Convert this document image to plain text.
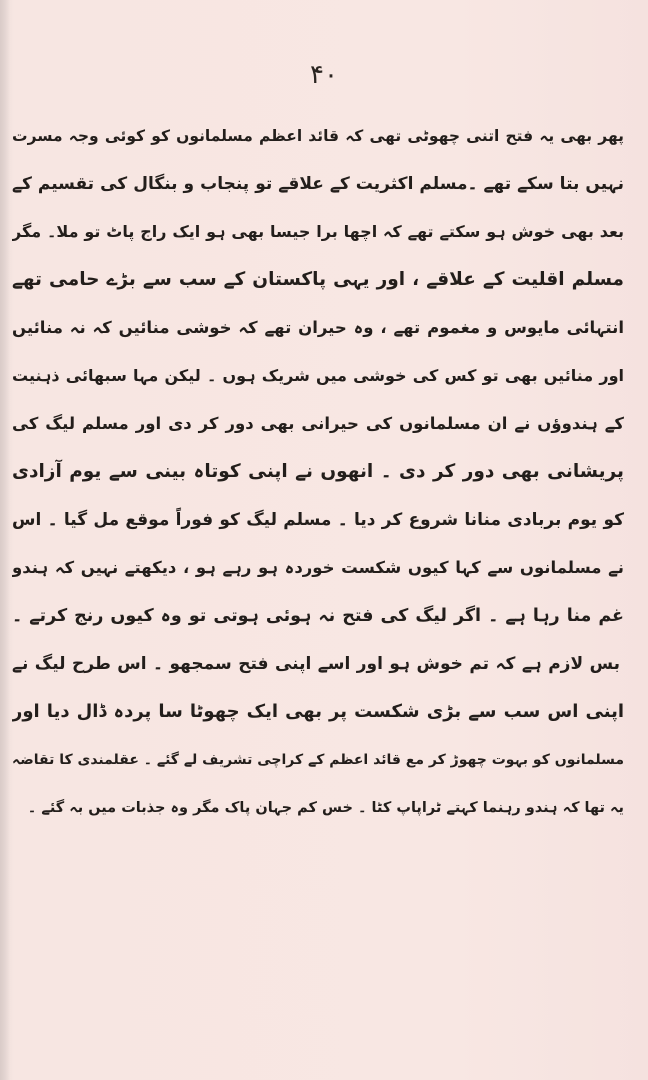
۴۰
پھر بھی یہ فتح اتنی چھوٹی تھی کہ قائد اعظم مسلمانوں کو کوئی وجہ مسرت
نہیں بتا سکے تھے ۔مسلم اکثریت کے علاقے تو پنجاب و بنگال کی تقسیم کے
بعد بھی خوش ہو سکتے تھے کہ اچھا برا جیسا بھی ہو ایک راج پاٹ تو ملا۔ مگر
مسلم اقلیت کے علاقے ، اور یہی پاکستان کے سب سے بڑے حامی تھے
انتہائی مایوس و مغموم تھے ، وہ حیران تھے کہ خوشی منائیں کہ نہ منائیں
اور منائیں بھی تو کس کی خوشی میں شریک ہوں ۔ لیکن مہا سبھائی ذہنیت
کے ہندوؤں نے ان مسلمانوں کی حیرانی بھی دور کر دی اور مسلم لیگ کی
پریشانی بھی دور کر دی ۔ انھوں نے اپنی کوتاہ بینی سے یوم آزادی
کو یوم بربادی منانا شروع کر دیا ۔ مسلم لیگ کو فوراً موقع مل گیا ۔ اس
نے مسلمانوں سے کہا کیوں شکست خوردہ ہو رہے ہو ، دیکھتے نہیں کہ ہندو
غم منا رہا ہے ۔ اگر لیگ کی فتح نہ ہوئی ہوتی تو وہ کیوں رنج کرتے ۔
بس لازم ہے کہ تم خوش ہو اور اسے اپنی فتح سمجھو ۔ اس طرح لیگ نے
اپنی اس سب سے بڑی شکست پر بھی ایک چھوٹا سا پردہ ڈال دیا اور
مسلمانوں کو بہوت چھوڑ کر مع قائد اعظم کے کراچی تشریف لے گئے ۔ عقلمندی کا تقاضہ
یہ تھا کہ ہندو رہنما کہتے ٹراپاپ کٹا ۔ خس کم جہان پاک مگر وہ جذبات میں بہ گئے ۔
